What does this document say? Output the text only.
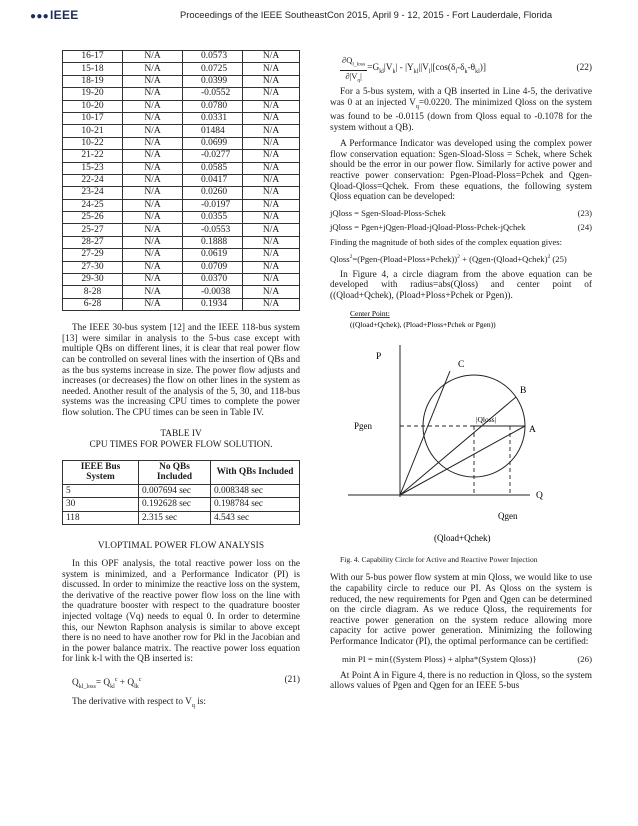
●●●IEEE	Proceedings of the IEEE SoutheastCon 2015, April 9 - 12, 2015 - Fort Lauderdale, Florida
16-17	N/A	0.0573	N/A
15-18	N/A	0.0725	N/A
18-19	N/A	0.0399	N/A
19-20	N/A	-0.0552	N/A
10-20	N/A	0.0780	N/A
10-17	N/A	0.0331	N/A
10-21	N/A	01484	N/A
10-22	N/A	0.0699	N/A
21-22	N/A	-0.0277	N/A
15-23	N/A	0.0585	N/A
22-24	N/A	0.0417	N/A
23-24	N/A	0.0260	N/A
24-25	N/A	-0.0197	N/A
25-26	N/A	0.0355	N/A
25-27	N/A	-0.0553	N/A
28-27	N/A	0.1888	N/A
27-29	N/A	0.0619	N/A
27-30	N/A	0.0709	N/A
29-30	N/A	0.0370	N/A
8-28	N/A	-0.0038	N/A
6-28	N/A	0.1934	N/A

The IEEE 30-bus system [12] and the IEEE 118-bus system [13] were similar in analysis to the 5-bus case except with multiple QBs on different lines, it is clear that real power flow can be controlled on several lines with the insertion of QBs and as the bus systems increase in size. The power flow adjusts and increases (or decreases) the flow on other lines in the system as needed. Another result of the analysis of the 5, 30, and 118-bus systems was the increasing CPU times to complete the power flow solution. The CPU times can be seen in Table IV.

TABLE IV
CPU TIMES FOR POWER FLOW SOLUTION.
IEEE Bus System	No QBs Included	With QBs Included
5	0.007694 sec	0.008348 sec
30	0.192628 sec	0.198784 sec
118	2.315 sec	4.543 sec
VI.OPTIMAL POWER FLOW ANALYSIS

In this OPF analysis, the total reactive power loss on the system is minimized, and a Performance Indicator (PI) is discussed. In order to minimize the reactive loss on the system, the derivative of the reactive power flow loss on the line with the quadrature booster with respect to the quadrature booster injected voltage (Vq) needs to equal 0. In order to determine this, our Newton Raphson analysis is similar to above except there is no need to have another row for Pkl in the Jacobian and in the power balance matrix. The reactive power loss equation for link k-l with the QB inserted is:

$Q_{kl\_loss}= Q_{kl}^c + Q_{lk}^c$	(21)

The derivative with respect to $V_q$ is:

$\partial Q_{l\_loss}$
$\partial|V_q|$
$=G_{kl}|V_k| - |Y_{kl}||V_l|[\cos(\delta_l-\delta_k-\theta_{kl})]$	(22)

For a 5-bus system, with a QB inserted in Line 4-5, the derivative was 0 at an injected $V_q=0.0220$. The minimized Qloss on the system was found to be -0.0115 (down from Qloss equal to -0.1078 for the system without a QB).

A Performance Indicator was developed using the complex power flow conservation equation: Sgen-Sload-Sloss = Schek, where Schek should be the error in our power flow. Similarly for active power and reactive power conservation: Pgen-Pload-Ploss=Pchek and Qgen-Qload-Qloss=Qchek. From these equations, the following system Qloss equation can be developed:

jQloss = Sgen-Sload-Ploss-Schek	(23)
jQloss = Pgen+jQgen-Pload-jQload-Ploss-Pchek-jQchek	(24)
Finding the magnitude of both sides of the complex equation gives:
Qloss$^2$=(Pgen-(Pload+Ploss+Pchek))$^2$ + (Qgen-(Qload+Qchek)$^2$ (25)

In Figure 4, a circle diagram from the above equation can be developed with radius=abs(Qloss) and center point of ((Qload+Qchek), (Pload+Ploss+Pchek or Pgen)).

Center Point:
((Qload+Qchek), (Pload+Ploss+Pchek or Pgen))
P
Q
C
B
A
Pgen
|Qloss|
Qgen
(Qload+Qchek)
Fig. 4. Capability Circle for Active and Reactive Power Injection

With our 5-bus power flow system at min Qloss, we would like to use the capability circle to reduce our PI. As Qloss on the system is reduced, the new requirements for Pgen and Qgen can be determined on the circle diagram. As we reduce Qloss, the requirements for reactive power generation on the system reduce allowing more capacity for active power generation. Minimizing the following Performance Indicator (PI), the optimal performance can be certified:

min PI = min{(System Ploss) + alpha*(System Qloss)}	(26)

At Point A in Figure 4, there is no reduction in Qloss, so the system allows values of Pgen and Qgen for an IEEE 5-bus
